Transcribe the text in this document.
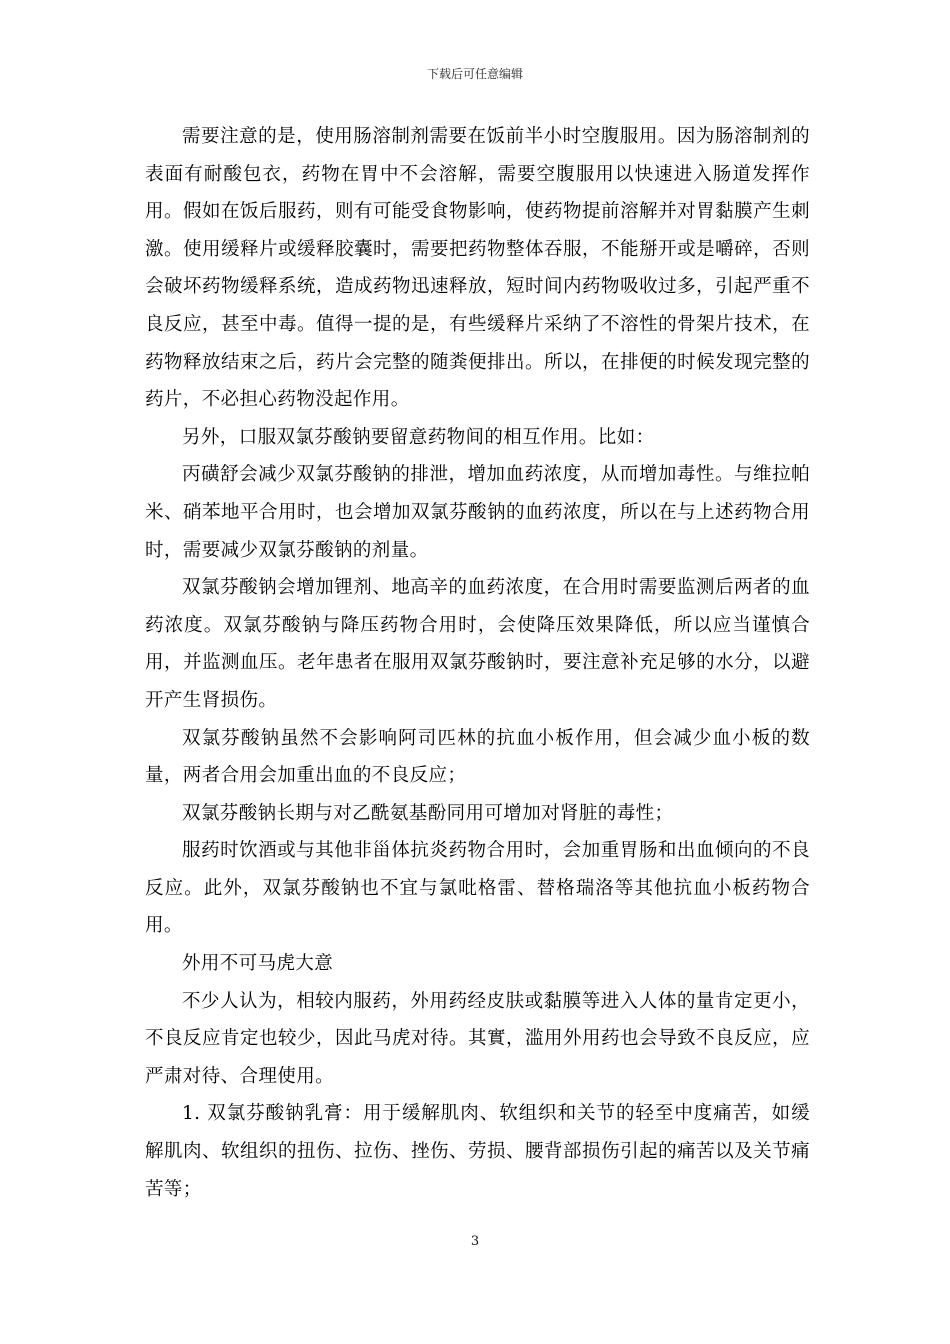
下载后可任意编辑

需要注意的是，使用肠溶制剂需要在饭前半小时空腹服用。因为肠溶制剂的表面有耐酸包衣，药物在胃中不会溶解，需要空腹服用以快速进入肠道发挥作用。假如在饭后服药，则有可能受食物影响，使药物提前溶解并对胃黏膜产生刺激。使用缓释片或缓释胶囊时，需要把药物整体吞服，不能掰开或是嚼碎，否则会破坏药物缓释系统，造成药物迅速释放，短时间内药物吸收过多，引起严重不良反应，甚至中毒。值得一提的是，有些缓释片采纳了不溶性的骨架片技术，在药物释放结束之后，药片会完整的随粪便排出。所以，在排便的时候发现完整的药片，不必担心药物没起作用。

另外，口服双氯芬酸钠要留意药物间的相互作用。比如：

丙磺舒会减少双氯芬酸钠的排泄，增加血药浓度，从而增加毒性。与维拉帕米、硝苯地平合用时，也会增加双氯芬酸钠的血药浓度，所以在与上述药物合用时，需要减少双氯芬酸钠的剂量。

双氯芬酸钠会增加锂剂、地高辛的血药浓度，在合用时需要监测后两者的血药浓度。双氯芬酸钠与降压药物合用时，会使降压效果降低，所以应当谨慎合用，并监测血压。老年患者在服用双氯芬酸钠时，要注意补充足够的水分，以避开产生肾损伤。

双氯芬酸钠虽然不会影响阿司匹林的抗血小板作用，但会减少血小板的数量，两者合用会加重出血的不良反应；

双氯芬酸钠长期与对乙酰氨基酚同用可增加对肾脏的毒性；

服药时饮酒或与其他非甾体抗炎药物合用时，会加重胃肠和出血倾向的不良反应。此外，双氯芬酸钠也不宜与氯吡格雷、替格瑞洛等其他抗血小板药物合用。

外用不可马虎大意

不少人认为，相较内服药，外用药经皮肤或黏膜等进入人体的量肯定更小，不良反应肯定也较少，因此马虎对待。其實，滥用外用药也会导致不良反应，应严肃对待、合理使用。

1. 双氯芬酸钠乳膏：用于缓解肌肉、软组织和关节的轻至中度痛苦，如缓解肌肉、软组织的扭伤、拉伤、挫伤、劳损、腰背部损伤引起的痛苦以及关节痛苦等；

3
